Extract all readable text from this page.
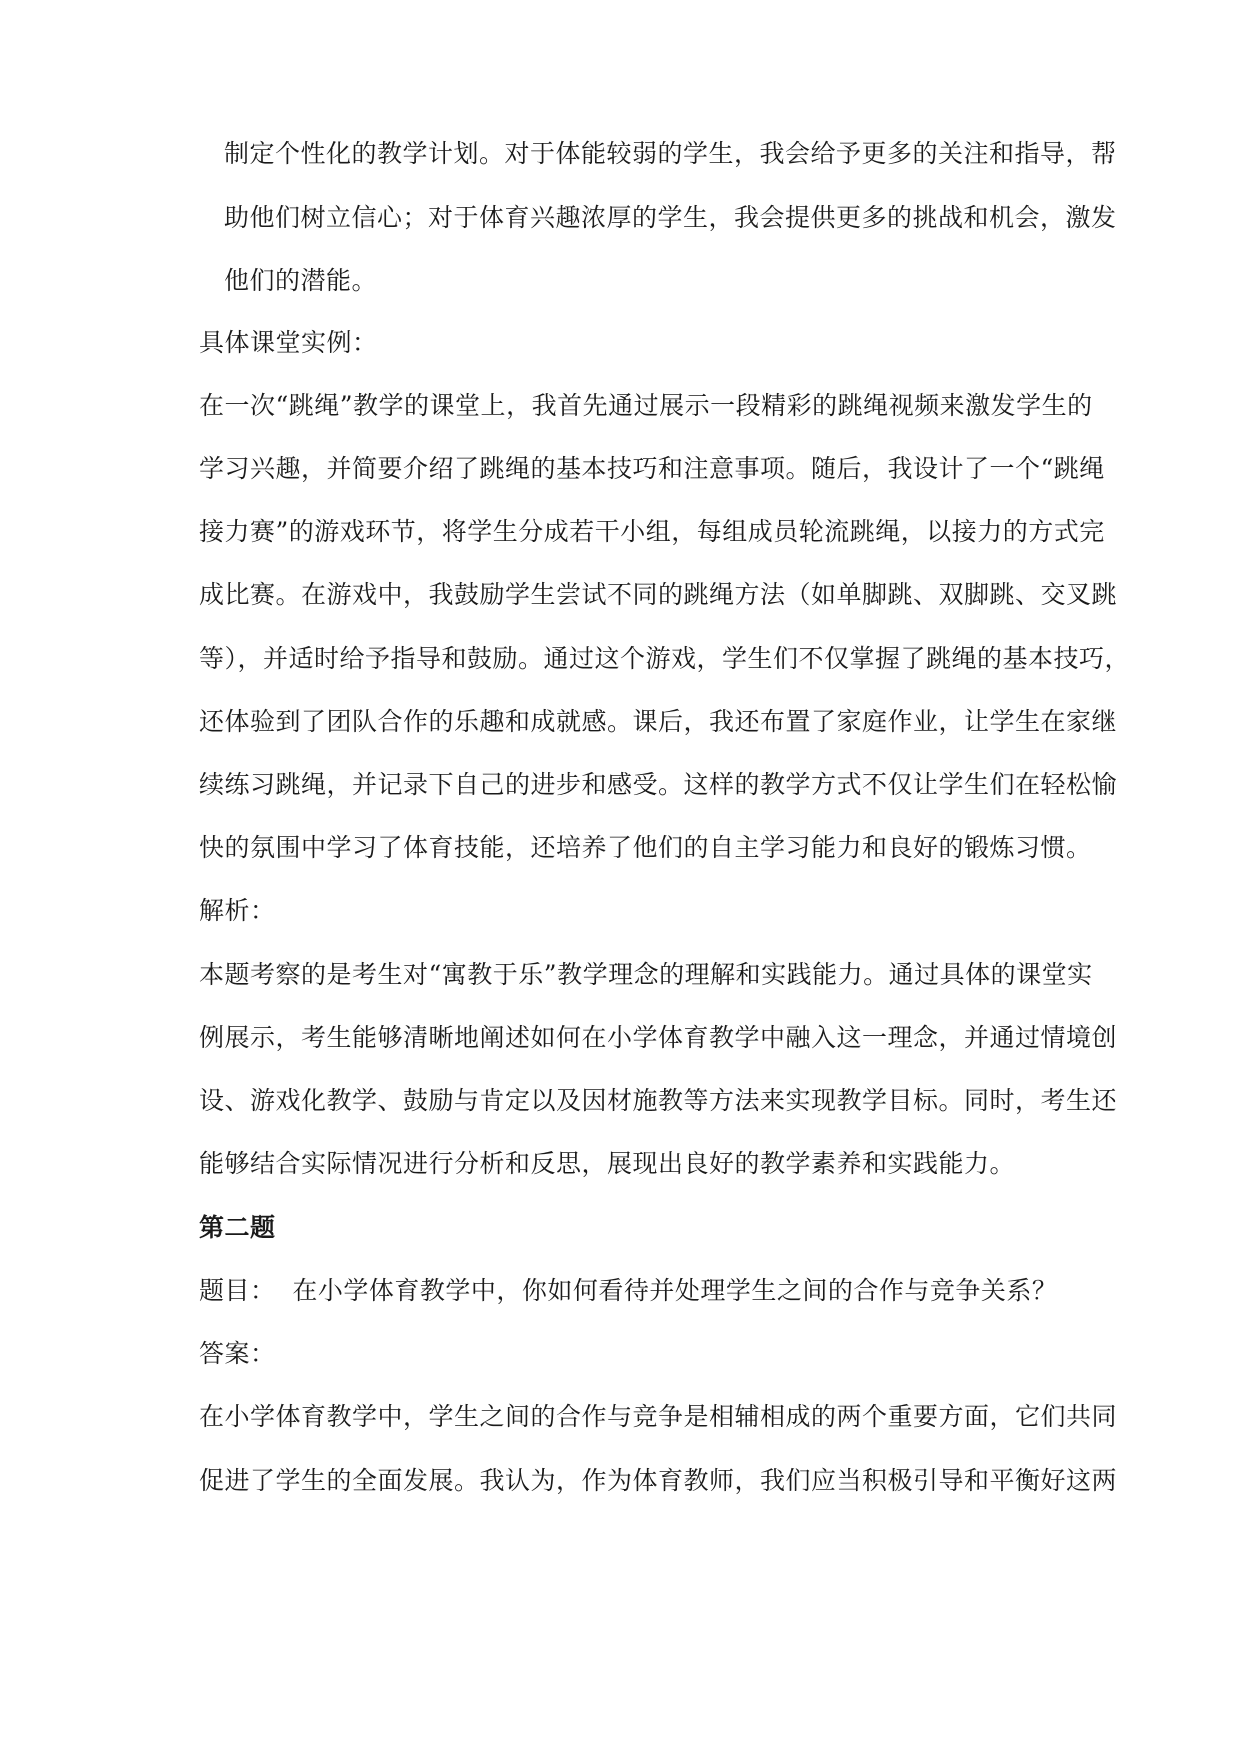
制定个性化的教学计划。对于体能较弱的学生，我会给予更多的关注和指导，帮
助他们树立信心；对于体育兴趣浓厚的学生，我会提供更多的挑战和机会，激发
他们的潜能。
具体课堂实例：
在一次“跳绳”教学的课堂上，我首先通过展示一段精彩的跳绳视频来激发学生的
学习兴趣，并简要介绍了跳绳的基本技巧和注意事项。随后，我设计了一个“跳绳
接力赛”的游戏环节，将学生分成若干小组，每组成员轮流跳绳，以接力的方式完
成比赛。在游戏中，我鼓励学生尝试不同的跳绳方法（如单脚跳、双脚跳、交叉跳
等），并适时给予指导和鼓励。通过这个游戏，学生们不仅掌握了跳绳的基本技巧，
还体验到了团队合作的乐趣和成就感。课后，我还布置了家庭作业，让学生在家继
续练习跳绳，并记录下自己的进步和感受。这样的教学方式不仅让学生们在轻松愉
快的氛围中学习了体育技能，还培养了他们的自主学习能力和良好的锻炼习惯。
解析：
本题考察的是考生对“寓教于乐”教学理念的理解和实践能力。通过具体的课堂实
例展示，考生能够清晰地阐述如何在小学体育教学中融入这一理念，并通过情境创
设、游戏化教学、鼓励与肯定以及因材施教等方法来实现教学目标。同时，考生还
能够结合实际情况进行分析和反思，展现出良好的教学素养和实践能力。
第二题
题目：  在小学体育教学中，你如何看待并处理学生之间的合作与竞争关系？
答案：
在小学体育教学中，学生之间的合作与竞争是相辅相成的两个重要方面，它们共同
促进了学生的全面发展。我认为，作为体育教师，我们应当积极引导和平衡好这两
